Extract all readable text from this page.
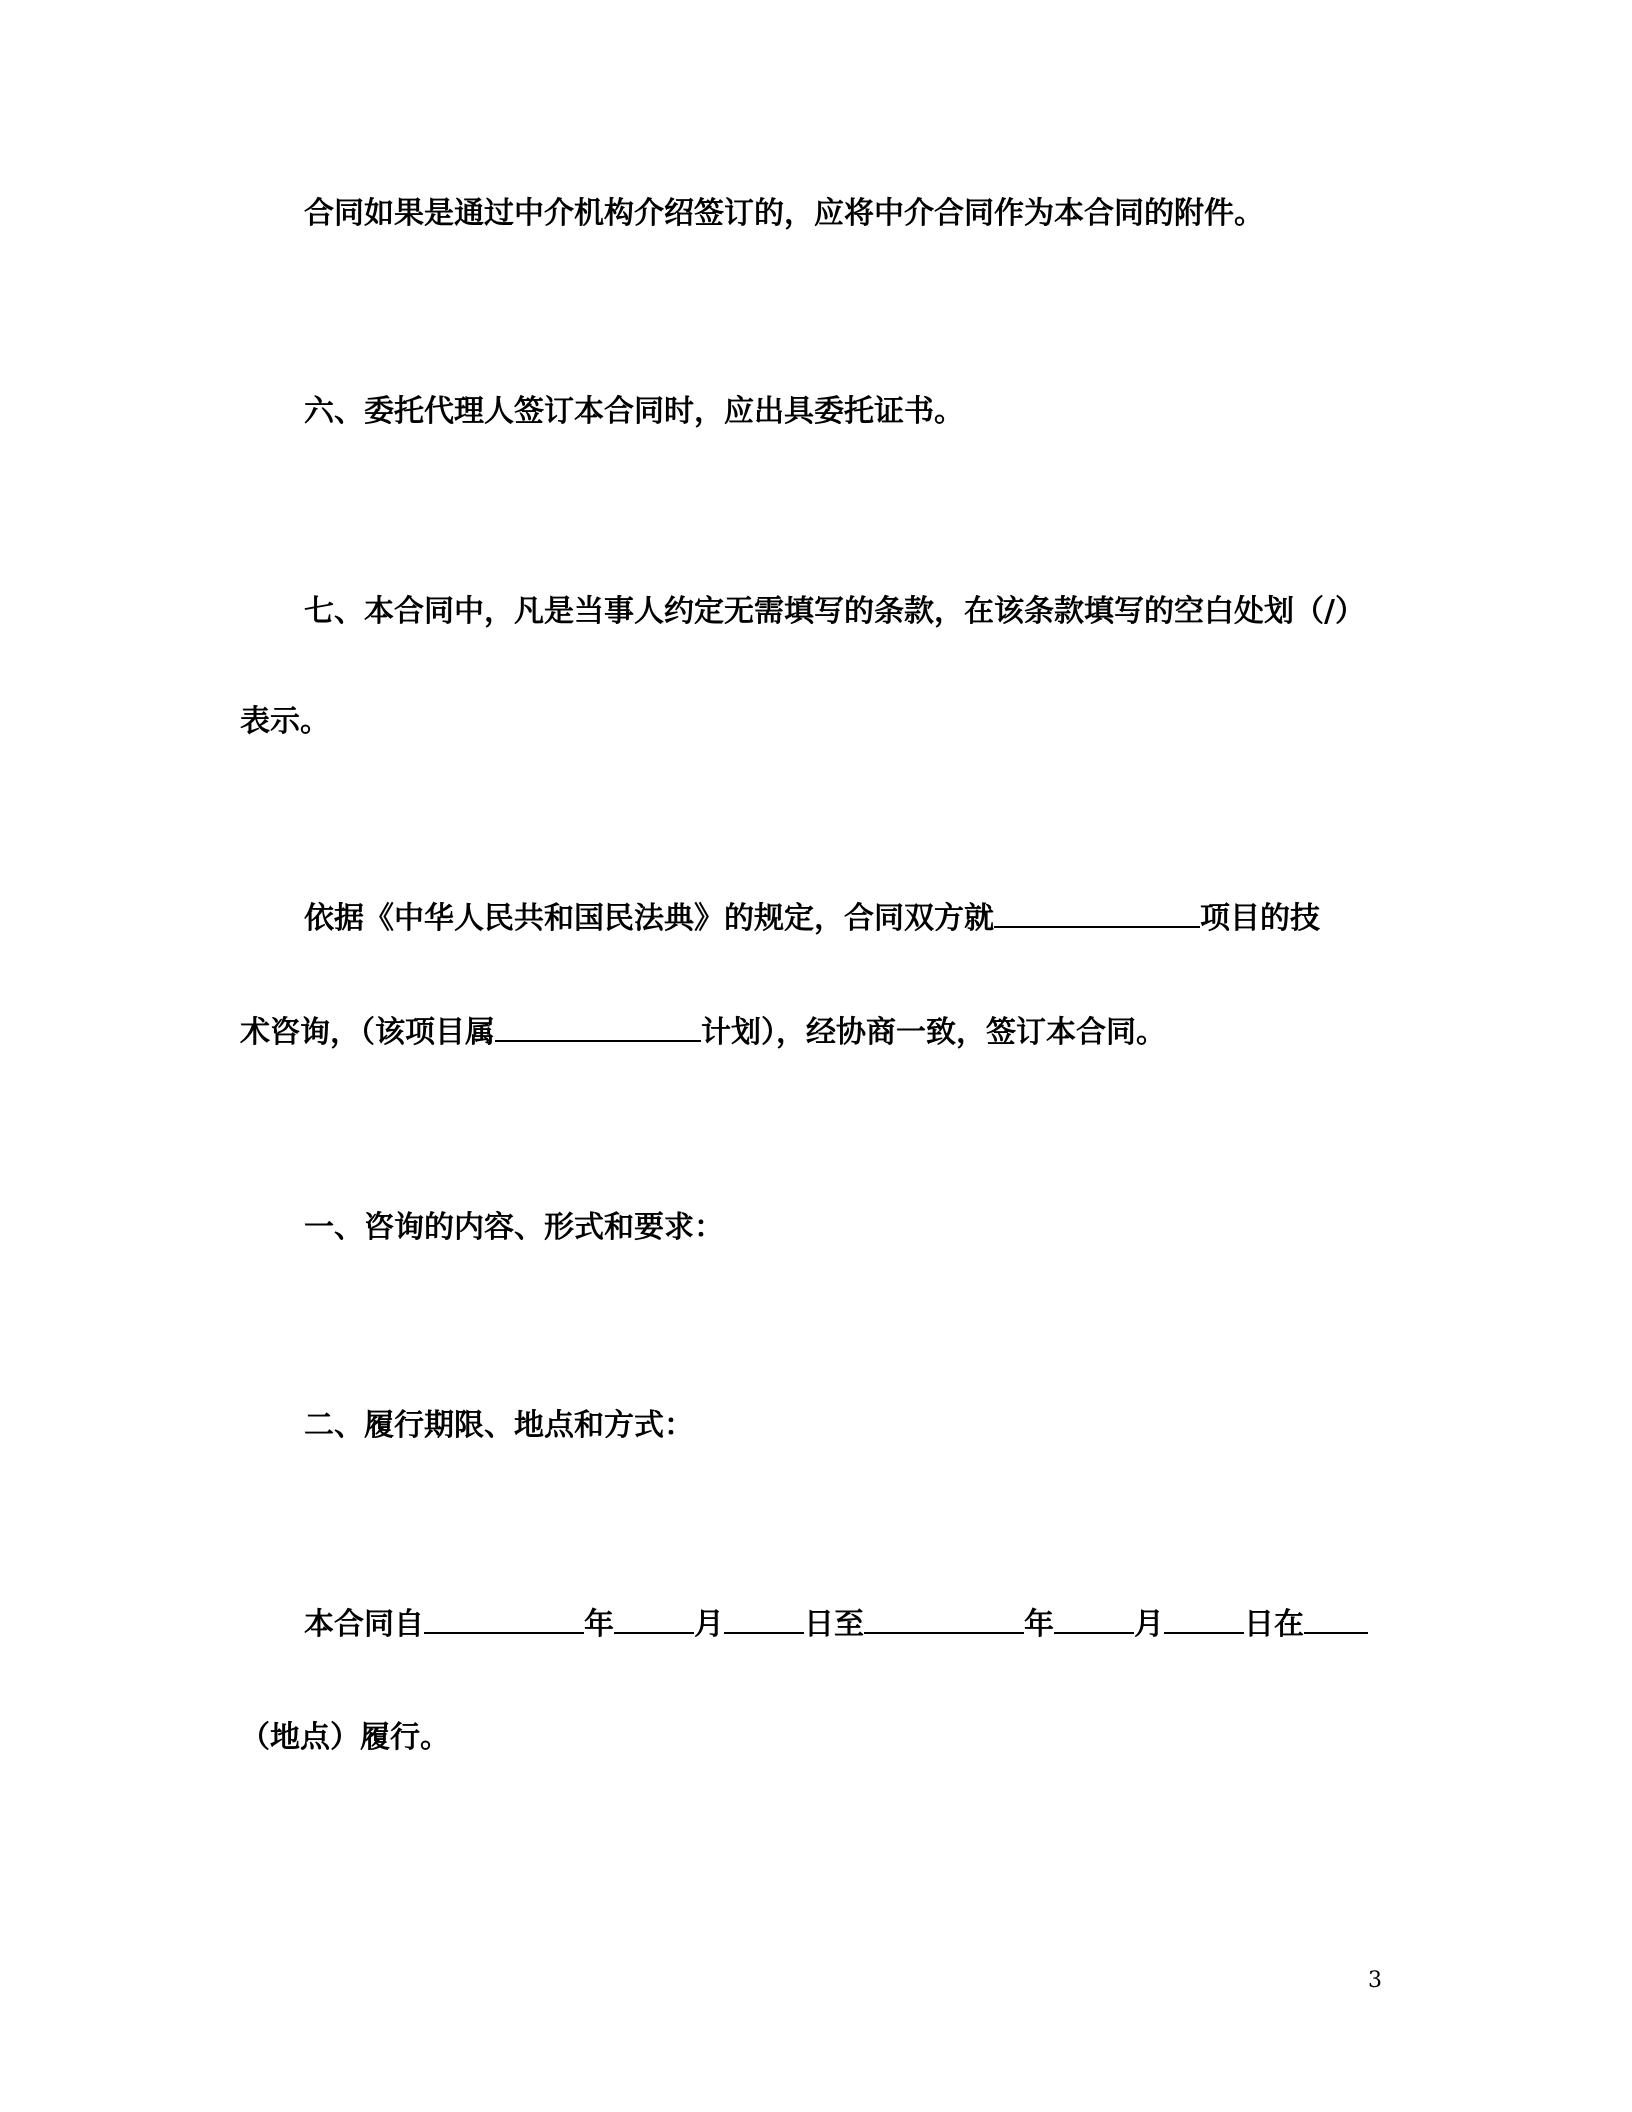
合同如果是通过中介机构介绍签订的，应将中介合同作为本合同的附件。
六、委托代理人签订本合同时，应出具委托证书。
七、本合同中，凡是当事人约定无需填写的条款，在该条款填写的空白处划（/）
表示。
依据《中华人民共和国民法典》的规定，合同双方就	项目的技
术咨询，（该项目属	计划），经协商一致，签订本合同。
一、咨询的内容、形式和要求：
二、履行期限、地点和方式：
本合同自	年	月	日至	年	月	日在
（地点）履行。
3
